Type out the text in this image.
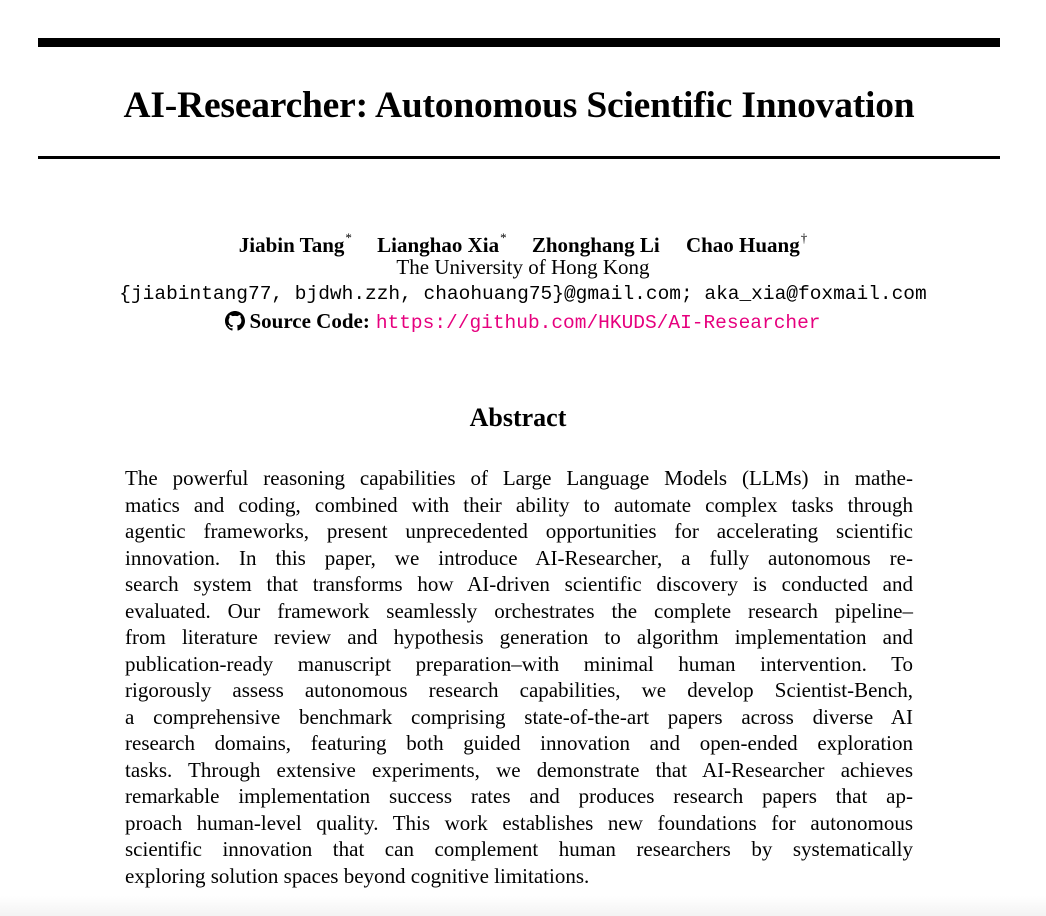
AI-Researcher: Autonomous Scientific Innovation
Jiabin Tang* Lianghao Xia* Zhonghang Li Chao Huang†
The University of Hong Kong
{jiabintang77, bjdwh.zzh, chaohuang75}@gmail.com; aka_xia@foxmail.com
Source Code: https://github.com/HKUDS/AI-Researcher
Abstract
The powerful reasoning capabilities of Large Language Models (LLMs) in mathe-
matics and coding, combined with their ability to automate complex tasks through
agentic frameworks, present unprecedented opportunities for accelerating scientific
innovation. In this paper, we introduce AI-Researcher, a fully autonomous re-
search system that transforms how AI-driven scientific discovery is conducted and
evaluated. Our framework seamlessly orchestrates the complete research pipeline–
from literature review and hypothesis generation to algorithm implementation and
publication-ready manuscript preparation–with minimal human intervention. To
rigorously assess autonomous research capabilities, we develop Scientist-Bench,
a comprehensive benchmark comprising state-of-the-art papers across diverse AI
research domains, featuring both guided innovation and open-ended exploration
tasks. Through extensive experiments, we demonstrate that AI-Researcher achieves
remarkable implementation success rates and produces research papers that ap-
proach human-level quality. This work establishes new foundations for autonomous
scientific innovation that can complement human researchers by systematically
exploring solution spaces beyond cognitive limitations.
